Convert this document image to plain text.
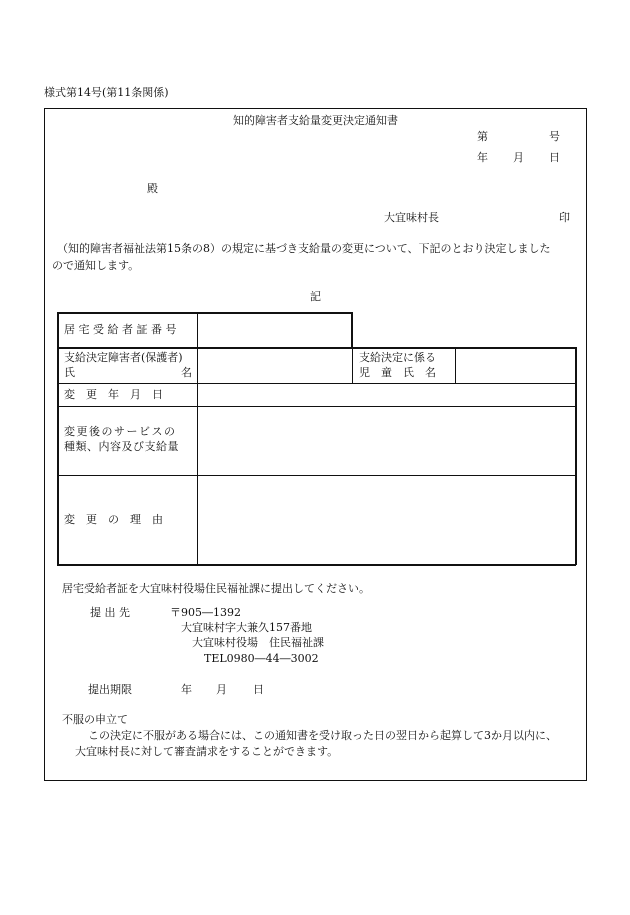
様式第14号(第11条関係)
知的障害者支給量変更決定通知書
第	号
年 月 日
殿
大宜味村長	印
（知的障害者福祉法第15条の8）の規定に基づき支給量の変更について、下記のとおり決定しました
ので通知します。
記
居宅受給者証番号
支給決定障害者(保護者)
氏	名
支給決定に係る
児　童　氏　名
変　更　年　月　日
変更後のサービスの
種類、内容及び支給量
変　更　の　理　由
居宅受給者証を大宜味村役場住民福祉課に提出してください。
提 出 先	〒905―1392
大宜味村字大兼久157番地
大宜味村役場　住民福祉課
TEL0980―44―3002
提出期限	年 月 日
不服の申立て
この決定に不服がある場合には、この通知書を受け取った日の翌日から起算して3か月以内に、
大宜味村長に対して審査請求をすることができます。
